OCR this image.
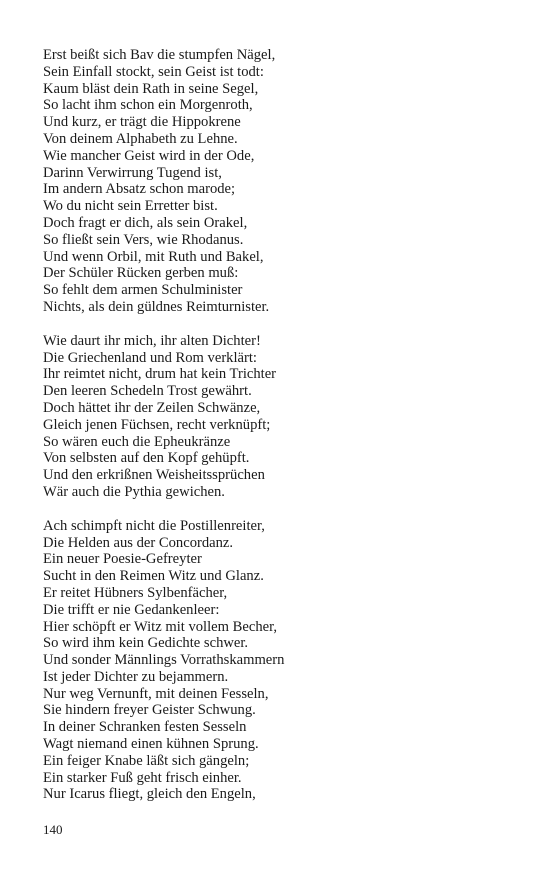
Erst beißt sich Bav die stumpfen Nägel,
Sein Einfall stockt, sein Geist ist todt:
Kaum bläst dein Rath in seine Segel,
So lacht ihm schon ein Morgenroth,
Und kurz, er trägt die Hippokrene
Von deinem Alphabeth zu Lehne.
Wie mancher Geist wird in der Ode,
Darinn Verwirrung Tugend ist,
Im andern Absatz schon marode;
Wo du nicht sein Erretter bist.
Doch fragt er dich, als sein Orakel,
So fließt sein Vers, wie Rhodanus.
Und wenn Orbil, mit Ruth und Bakel,
Der Schüler Rücken gerben muß:
So fehlt dem armen Schulminister
Nichts, als dein güldnes Reimturnister.
Wie daurt ihr mich, ihr alten Dichter!
Die Griechenland und Rom verklärt:
Ihr reimtet nicht, drum hat kein Trichter
Den leeren Schedeln Trost gewährt.
Doch hättet ihr der Zeilen Schwänze,
Gleich jenen Füchsen, recht verknüpft;
So wären euch die Epheukränze
Von selbsten auf den Kopf gehüpft.
Und den erkrißnen Weisheitssprüchen
Wär auch die Pythia gewichen.
Ach schimpft nicht die Postillenreiter,
Die Helden aus der Concordanz.
Ein neuer Poesie-Gefreyter
Sucht in den Reimen Witz und Glanz.
Er reitet Hübners Sylbenfächer,
Die trifft er nie Gedankenleer:
Hier schöpft er Witz mit vollem Becher,
So wird ihm kein Gedichte schwer.
Und sonder Männlings Vorrathskammern
Ist jeder Dichter zu bejammern.
Nur weg Vernunft, mit deinen Fesseln,
Sie hindern freyer Geister Schwung.
In deiner Schranken festen Sesseln
Wagt niemand einen kühnen Sprung.
Ein feiger Knabe läßt sich gängeln;
Ein starker Fuß geht frisch einher.
Nur Icarus fliegt, gleich den Engeln,
140
